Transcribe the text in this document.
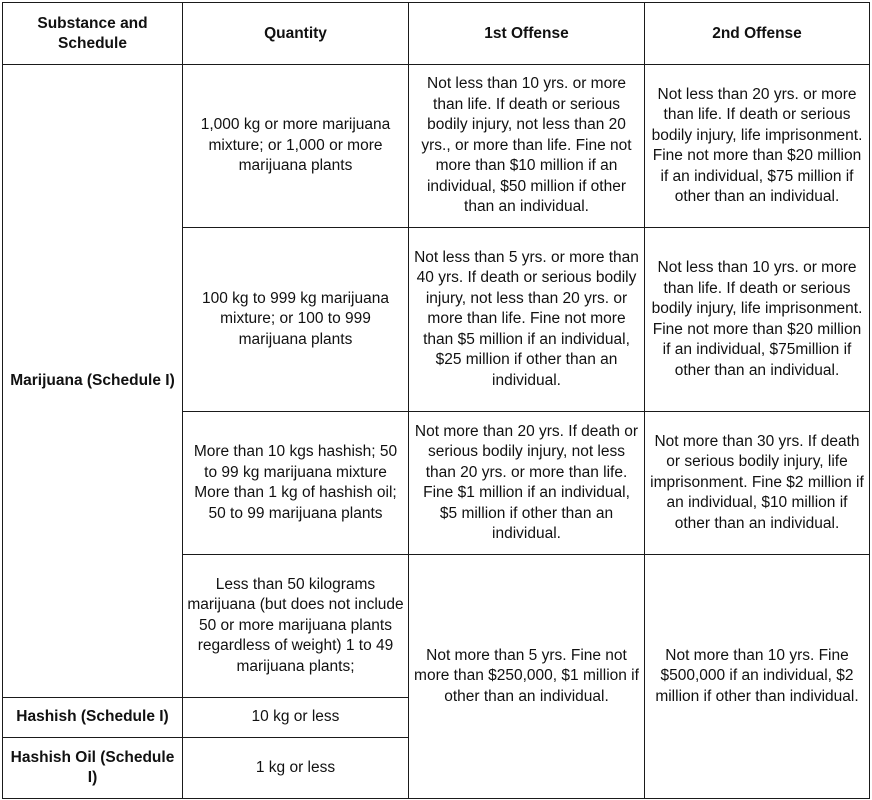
Substance and Schedule	Quantity	1st Offense	2nd Offense
Marijuana (Schedule I)	1,000 kg or more marijuana mixture; or 1,000 or more marijuana plants	Not less than 10 yrs. or more than life. If death or serious bodily injury, not less than 20 yrs., or more than life. Fine not more than $10 million if an individual, $50 million if other than an individual.	Not less than 20 yrs. or more than life. If death or serious bodily injury, life imprisonment. Fine not more than $20 million if an individual, $75 million if other than an individual.
	100 kg to 999 kg marijuana mixture; or 100 to 999 marijuana plants	Not less than 5 yrs. or more than 40 yrs. If death or serious bodily injury, not less than 20 yrs. or more than life. Fine not more than $5 million if an individual, $25 million if other than an individual.	Not less than 10 yrs. or more than life. If death or serious bodily injury, life imprisonment. Fine not more than $20 million if an individual, $75million if other than an individual.
	More than 10 kgs hashish; 50 to 99 kg marijuana mixture More than 1 kg of hashish oil; 50 to 99 marijuana plants	Not more than 20 yrs. If death or serious bodily injury, not less than 20 yrs. or more than life. Fine $1 million if an individual, $5 million if other than an individual.	Not more than 30 yrs. If death or serious bodily injury, life imprisonment. Fine $2 million if an individual, $10 million if other than an individual.
	Less than 50 kilograms marijuana (but does not include 50 or more marijuana plants regardless of weight) 1 to 49 marijuana plants;	Not more than 5 yrs. Fine not more than $250,000, $1 million if other than an individual.	Not more than 10 yrs. Fine $500,000 if an individual, $2 million if other than individual.
Hashish (Schedule I)	10 kg or less		
Hashish Oil (Schedule I)	1 kg or less		
